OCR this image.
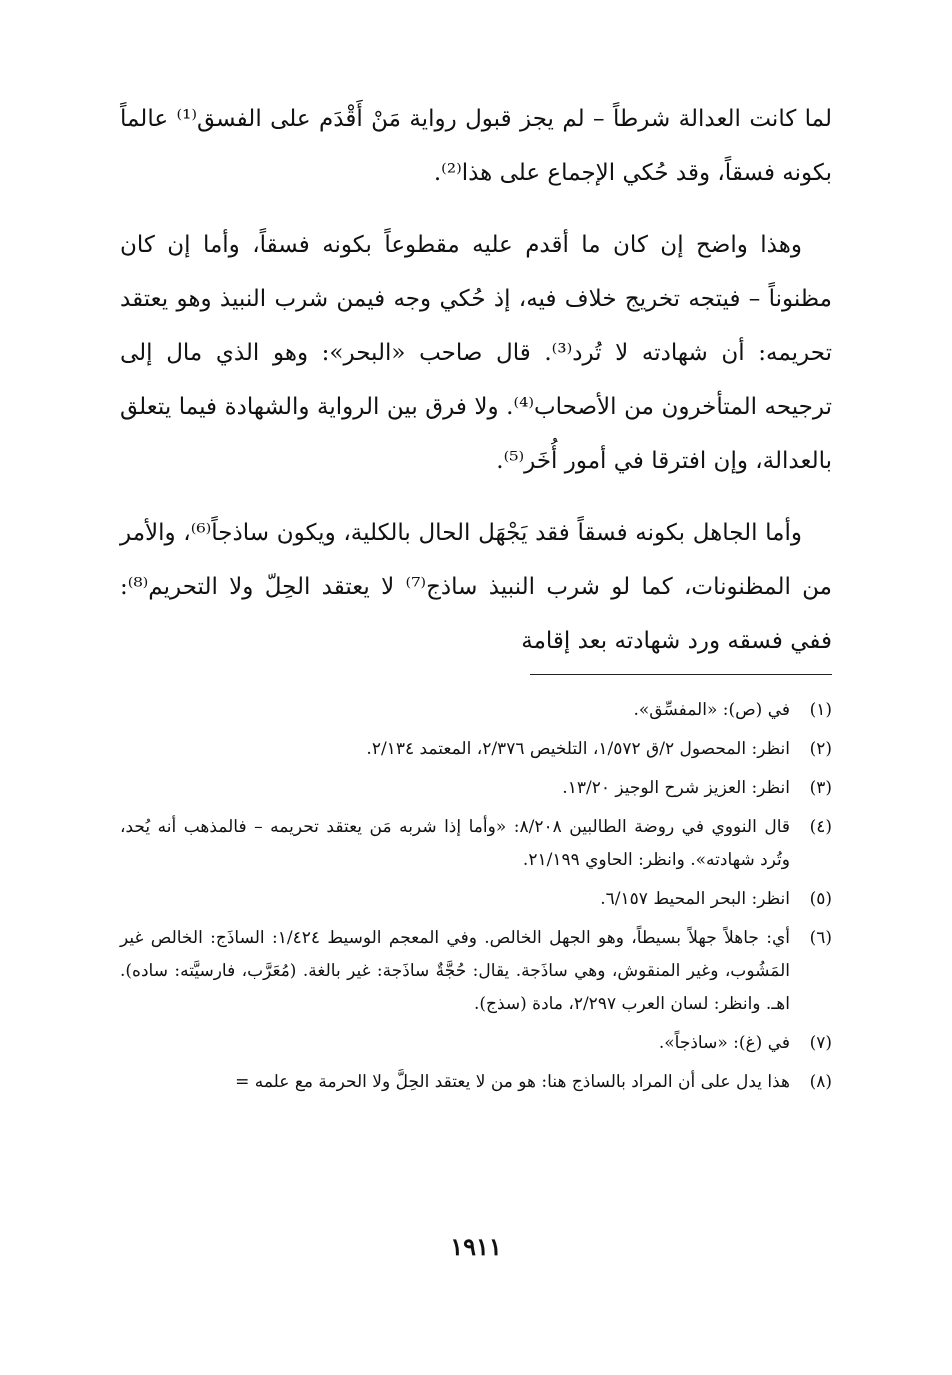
لما كانت العدالة شرطاً – لم يجز قبول رواية مَنْ أَقْدَم على الفسق⁽¹⁾ عالماً بكونه فسقاً، وقد حُكي الإجماع على هذا⁽²⁾.

وهذا واضح إن كان ما أقدم عليه مقطوعاً بكونه فسقاً، وأما إن كان مظنوناً – فيتجه تخريج خلاف فيه، إذ حُكي وجه فيمن شرب النبيذ وهو يعتقد تحريمه: أن شهادته لا تُرد⁽³⁾. قال صاحب «البحر»: وهو الذي مال إلى ترجيحه المتأخرون من الأصحاب⁽⁴⁾. ولا فرق بين الرواية والشهادة فيما يتعلق بالعدالة، وإن افترقا في أمور أُخَر⁽⁵⁾.

وأما الجاهل بكونه فسقاً فقد يَجْهَل الحال بالكلية، ويكون ساذجاً⁽⁶⁾، والأمر من المظنونات، كما لو شرب النبيذ ساذج⁽⁷⁾ لا يعتقد الحِلّ ولا التحريم⁽⁸⁾: ففي فسقه ورد شهادته بعد إقامة

(١)
في (ص): «المفسِّق».
(٢)
انظر: المحصول ٢/ق ١/٥٧٢، التلخيص ٢/٣٧٦، المعتمد ٢/١٣٤.
(٣)
انظر: العزيز شرح الوجيز ١٣/٢٠.
(٤)
قال النووي في روضة الطالبين ٨/٢٠٨: «وأما إذا شربه مَن يعتقد تحريمه – فالمذهب أنه يُحد، وتُرد شهادته». وانظر: الحاوي ٢١/١٩٩.
(٥)
انظر: البحر المحيط ٦/١٥٧.
(٦)
أي: جاهلاً جهلاً بسيطاً، وهو الجهل الخالص. وفي المعجم الوسيط ١/٤٢٤: الساذَج: الخالص غير المَشُوب، وغير المنقوش، وهي ساذَجة. يقال: حُجَّةٌ ساذَجة: غير بالغة. (مُعَرَّب، فارسيَّته: ساده). اهـ. وانظر: لسان العرب ٢/٢٩٧، مادة (سذج).
(٧)
في (غ): «ساذجاً».
(٨)
هذا يدل على أن المراد بالساذج هنا: هو من لا يعتقد الحِلَّ ولا الحرمة مع علمه =
١٩١١
